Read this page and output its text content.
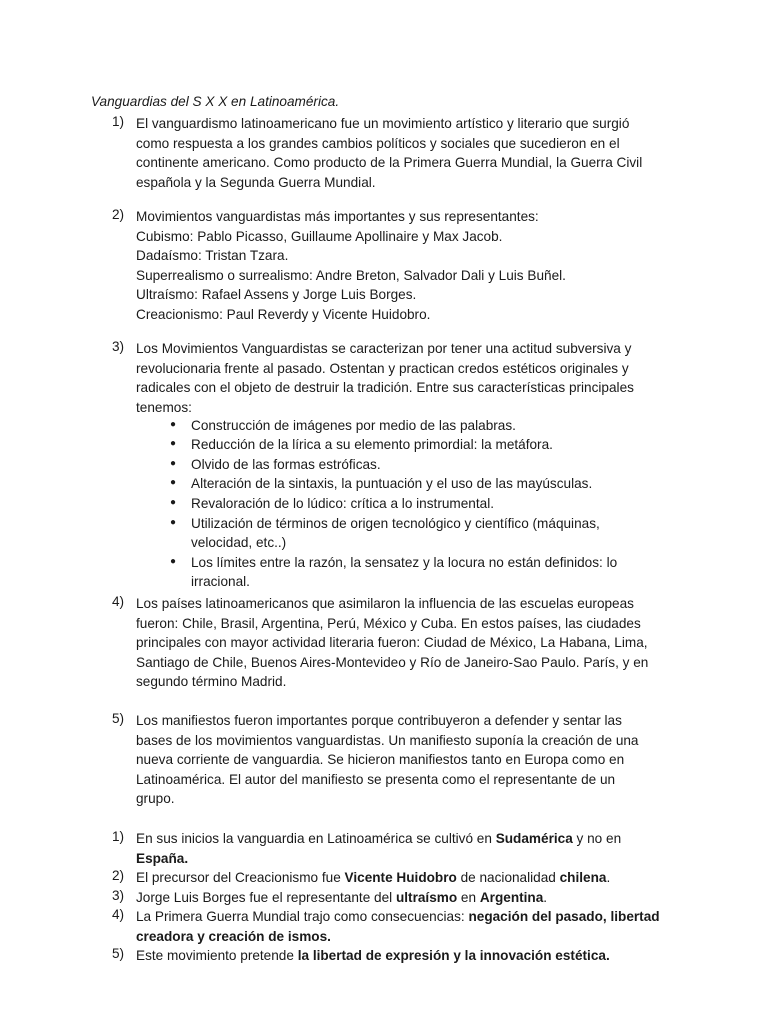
Vanguardias del S X X en Latinoamérica.
1) El vanguardismo latinoamericano fue un movimiento artístico y literario que surgió
como respuesta a los grandes cambios políticos y sociales que sucedieron en el
continente americano. Como producto de la Primera Guerra Mundial, la Guerra Civil
española y la Segunda Guerra Mundial.
2) Movimientos vanguardistas más importantes y sus representantes:
Cubismo: Pablo Picasso, Guillaume Apollinaire y Max Jacob.
Dadaísmo: Tristan Tzara.
Superrealismo o surrealismo: Andre Breton, Salvador Dali y Luis Buñel.
Ultraísmo: Rafael Assens y Jorge Luis Borges.
Creacionismo: Paul Reverdy y Vicente Huidobro.
3) Los Movimientos Vanguardistas se caracterizan por tener una actitud subversiva y
revolucionaria frente al pasado. Ostentan y practican credos estéticos originales y
radicales con el objeto de destruir la tradición. Entre sus características principales
tenemos:
● Construcción de imágenes por medio de las palabras.
● Reducción de la lírica a su elemento primordial: la metáfora.
● Olvido de las formas estróficas.
● Alteración de la sintaxis, la puntuación y el uso de las mayúsculas.
● Revaloración de lo lúdico: crítica a lo instrumental.
● Utilización de términos de origen tecnológico y científico (máquinas,
velocidad, etc..)
● Los límites entre la razón, la sensatez y la locura no están definidos: lo
irracional.
4) Los países latinoamericanos que asimilaron la influencia de las escuelas europeas
fueron: Chile, Brasil, Argentina, Perú, México y Cuba. En estos países, las ciudades
principales con mayor actividad literaria fueron: Ciudad de México, La Habana, Lima,
Santiago de Chile, Buenos Aires-Montevideo y Río de Janeiro-Sao Paulo. París, y en
segundo término Madrid.
5) Los manifiestos fueron importantes porque contribuyeron a defender y sentar las
bases de los movimientos vanguardistas. Un manifiesto suponía la creación de una
nueva corriente de vanguardia. Se hicieron manifiestos tanto en Europa como en
Latinoamérica. El autor del manifiesto se presenta como el representante de un
grupo.
1) En sus inicios la vanguardia en Latinoamérica se cultivó en Sudamérica y no en
España.
2) El precursor del Creacionismo fue Vicente Huidobro de nacionalidad chilena.
3) Jorge Luis Borges fue el representante del ultraísmo en Argentina.
4) La Primera Guerra Mundial trajo como consecuencias: negación del pasado, libertad
creadora y creación de ismos.
5) Este movimiento pretende la libertad de expresión y la innovación estética.
